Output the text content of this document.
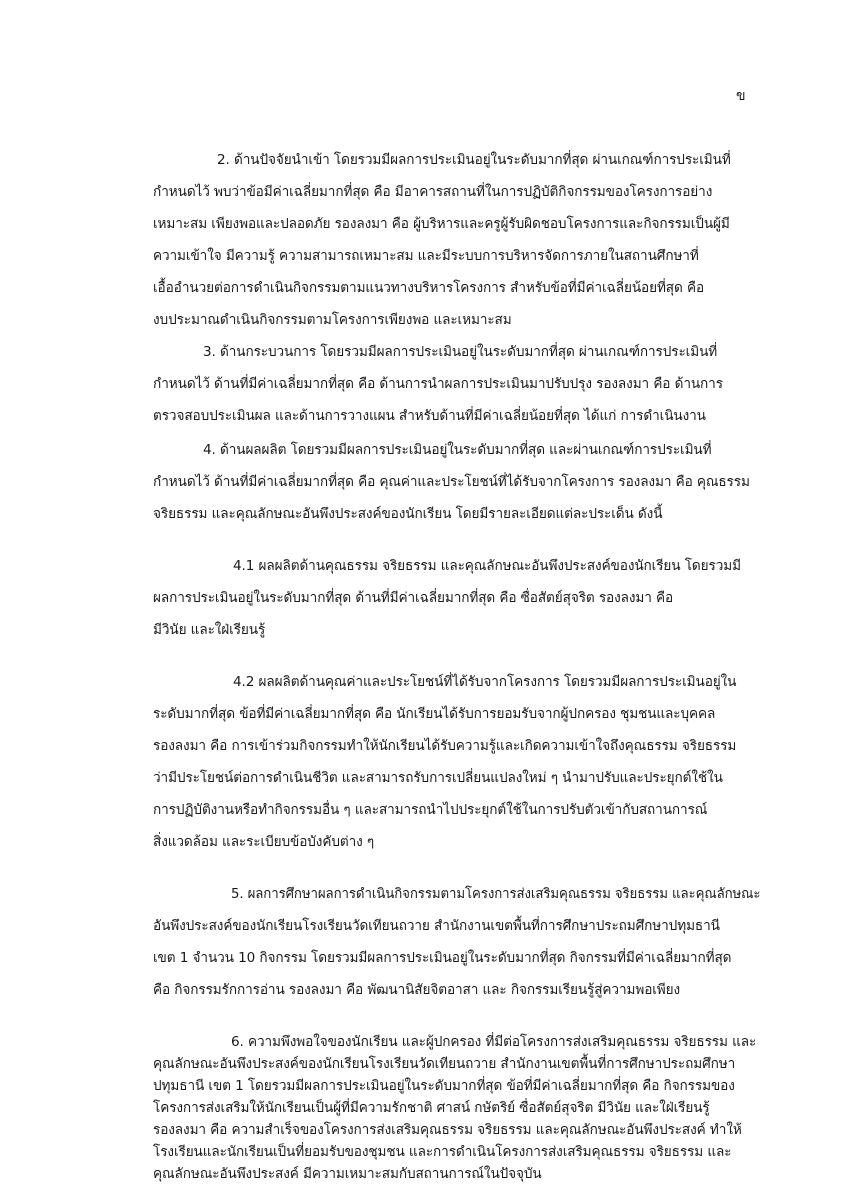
ข
2. ด้านปัจจัยนำเข้า โดยรวมมีผลการประเมินอยู่ในระดับมากที่สุด ผ่านเกณฑ์การประเมินที่
กำหนดไว้ พบว่าข้อมีค่าเฉลี่ยมากที่สุด คือ มีอาคารสถานที่ในการปฏิบัติกิจกรรมของโครงการอย่าง
เหมาะสม เพียงพอและปลอดภัย รองลงมา คือ ผู้บริหารและครูผู้รับผิดชอบโครงการและกิจกรรมเป็นผู้มี
ความเข้าใจ มีความรู้ ความสามารถเหมาะสม และมีระบบการบริหารจัดการภายในสถานศึกษาที่
เอื้ออำนวยต่อการดำเนินกิจกรรมตามแนวทางบริหารโครงการ สำหรับข้อที่มีค่าเฉลี่ยน้อยที่สุด คือ
งบประมาณดำเนินกิจกรรมตามโครงการเพียงพอ และเหมาะสม
3. ด้านกระบวนการ โดยรวมมีผลการประเมินอยู่ในระดับมากที่สุด ผ่านเกณฑ์การประเมินที่
กำหนดไว้ ด้านที่มีค่าเฉลี่ยมากที่สุด คือ ด้านการนำผลการประเมินมาปรับปรุง รองลงมา คือ ด้านการ
ตรวจสอบประเมินผล และด้านการวางแผน สำหรับด้านที่มีค่าเฉลี่ยน้อยที่สุด ได้แก่ การดำเนินงาน
4. ด้านผลผลิต โดยรวมมีผลการประเมินอยู่ในระดับมากที่สุด และผ่านเกณฑ์การประเมินที่
กำหนดไว้ ด้านที่มีค่าเฉลี่ยมากที่สุด คือ คุณค่าและประโยชน์ที่ได้รับจากโครงการ รองลงมา คือ คุณธรรม
จริยธรรม และคุณลักษณะอันพึงประสงค์ของนักเรียน โดยมีรายละเอียดแต่ละประเด็น ดังนี้
4.1 ผลผลิตด้านคุณธรรม จริยธรรม และคุณลักษณะอันพึงประสงค์ของนักเรียน โดยรวมมี
ผลการประเมินอยู่ในระดับมากที่สุด ด้านที่มีค่าเฉลี่ยมากที่สุด คือ ซื่อสัตย์สุจริต รองลงมา คือ
มีวินัย และใฝ่เรียนรู้
4.2 ผลผลิตด้านคุณค่าและประโยชน์ที่ได้รับจากโครงการ โดยรวมมีผลการประเมินอยู่ใน
ระดับมากที่สุด ข้อที่มีค่าเฉลี่ยมากที่สุด คือ นักเรียนได้รับการยอมรับจากผู้ปกครอง ชุมชนและบุคคล
รองลงมา คือ การเข้าร่วมกิจกรรมทำให้นักเรียนได้รับความรู้และเกิดความเข้าใจถึงคุณธรรม จริยธรรม
ว่ามีประโยชน์ต่อการดำเนินชีวิต และสามารถรับการเปลี่ยนแปลงใหม่ ๆ นำมาปรับและประยุกต์ใช้ใน
การปฏิบัติงานหรือทำกิจกรรมอื่น ๆ และสามารถนำไปประยุกต์ใช้ในการปรับตัวเข้ากับสถานการณ์
สิ่งแวดล้อม และระเบียบข้อบังคับต่าง ๆ
5. ผลการศึกษาผลการดำเนินกิจกรรมตามโครงการส่งเสริมคุณธรรม จริยธรรม และคุณลักษณะ
อันพึงประสงค์ของนักเรียนโรงเรียนวัดเทียนถวาย สำนักงานเขตพื้นที่การศึกษาประถมศึกษาปทุมธานี
เขต 1 จำนวน 10 กิจกรรม โดยรวมมีผลการประเมินอยู่ในระดับมากที่สุด กิจกรรมที่มีค่าเฉลี่ยมากที่สุด
คือ กิจกรรมรักการอ่าน รองลงมา คือ พัฒนานิสัยจิตอาสา และ กิจกรรมเรียนรู้สู่ความพอเพียง
6. ความพึงพอใจของนักเรียน และผู้ปกครอง ที่มีต่อโครงการส่งเสริมคุณธรรม จริยธรรม และ
คุณลักษณะอันพึงประสงค์ของนักเรียนโรงเรียนวัดเทียนถวาย สำนักงานเขตพื้นที่การศึกษาประถมศึกษา
ปทุมธานี เขต 1 โดยรวมมีผลการประเมินอยู่ในระดับมากที่สุด ข้อที่มีค่าเฉลี่ยมากที่สุด คือ กิจกรรมของ
โครงการส่งเสริมให้นักเรียนเป็นผู้ที่มีความรักชาติ ศาสน์ กษัตริย์ ซื่อสัตย์สุจริต มีวินัย และใฝ่เรียนรู้
รองลงมา คือ ความสำเร็จของโครงการส่งเสริมคุณธรรม จริยธรรม และคุณลักษณะอันพึงประสงค์ ทำให้
โรงเรียนและนักเรียนเป็นที่ยอมรับของชุมชน และการดำเนินโครงการส่งเสริมคุณธรรม จริยธรรม และ
คุณลักษณะอันพึงประสงค์ มีความเหมาะสมกับสถานการณ์ในปัจจุบัน
